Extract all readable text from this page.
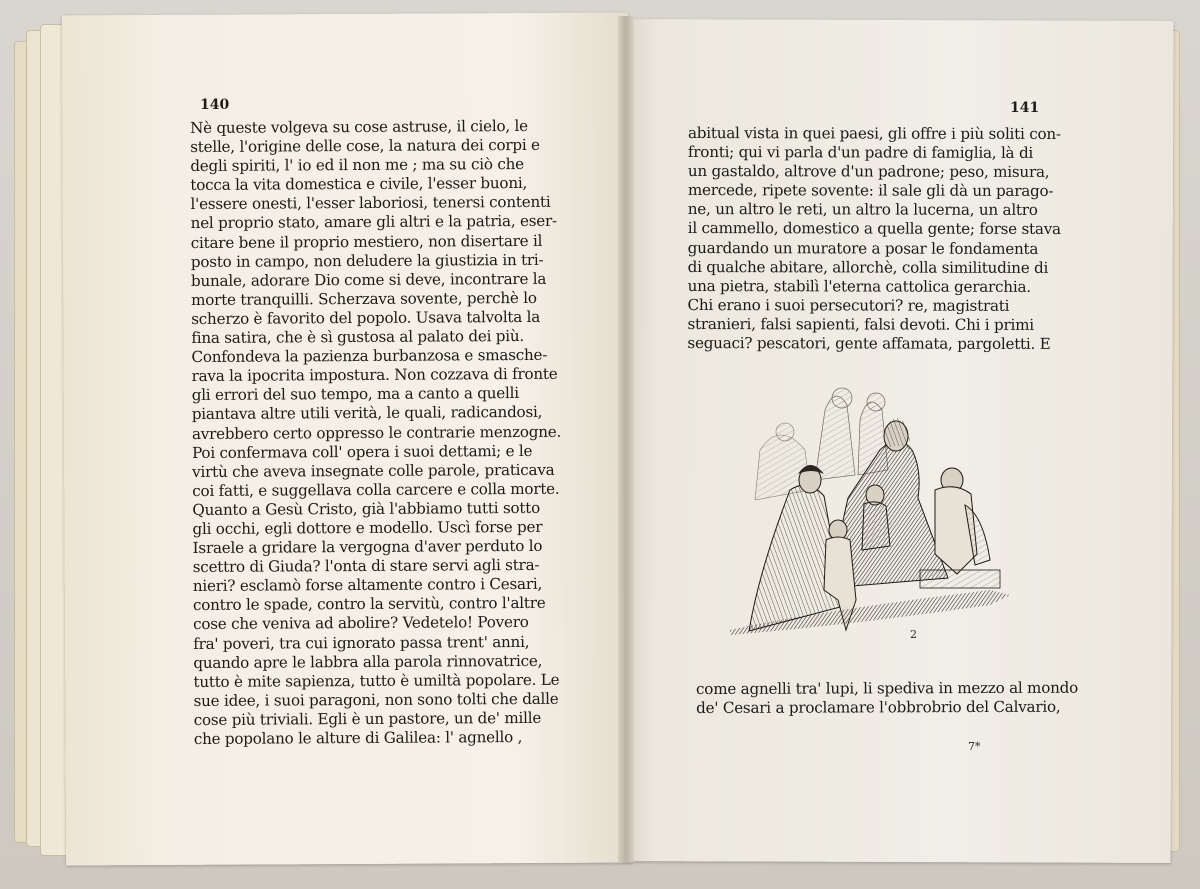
140
Nè queste volgeva su cose astruse, il cielo, le
stelle, l'origine delle cose, la natura dei corpi e
degli spiriti, l' io ed il non me ; ma su ciò che
tocca la vita domestica e civile, l'esser buoni,
l'essere onesti, l'esser laboriosi, tenersi contenti
nel proprio stato, amare gli altri e la patria, eser-
citare bene il proprio mestiero, non disertare il
posto in campo, non deludere la giustizia in tri-
bunale, adorare Dio come si deve, incontrare la
morte tranquilli. Scherzava sovente, perchè lo
scherzo è favorito del popolo. Usava talvolta la
fina satira, che è sì gustosa al palato dei più.
Confondeva la pazienza burbanzosa e smasche-
rava la ipocrita impostura. Non cozzava di fronte
gli errori del suo tempo, ma a canto a quelli
piantava altre utili verità, le quali, radicandosi,
avrebbero certo oppresso le contrarie menzogne.
Poi confermava coll' opera i suoi dettami; e le
virtù che aveva insegnate colle parole, praticava
coi fatti, e suggellava colla carcere e colla morte.
Quanto a Gesù Cristo, già l'abbiamo tutti sotto
gli occhi, egli dottore e modello. Uscì forse per
Israele a gridare la vergogna d'aver perduto lo
scettro di Giuda? l'onta di stare servi agli stra-
nieri? esclamò forse altamente contro i Cesari,
contro le spade, contro la servitù, contro l'altre
cose che veniva ad abolire? Vedetelo! Povero
fra' poveri, tra cui ignorato passa trent' anni,
quando apre le labbra alla parola rinnovatrice,
tutto è mite sapienza, tutto è umiltà popolare. Le
sue idee, i suoi paragoni, non sono tolti che dalle
cose più triviali. Egli è un pastore, un de' mille
che popolano le alture di Galilea: l' agnello ,
141
abitual vista in quei paesi, gli offre i più soliti con-
fronti; qui vi parla d'un padre di famiglia, là di
un gastaldo, altrove d'un padrone; peso, misura,
mercede, ripete sovente: il sale gli dà un parago-
ne, un altro le reti, un altro la lucerna, un altro
il cammello, domestico a quella gente; forse stava
guardando un muratore a posar le fondamenta
di qualche abitare, allorchè, colla similitudine di
una pietra, stabilì l'eterna cattolica gerarchia.
Chi erano i suoi persecutori? re, magistrati
stranieri, falsi sapienti, falsi devoti. Chi i primi
seguaci? pescatori, gente affamata, pargoletti. E
2
come agnelli tra' lupi, li spediva in mezzo al mondo
de' Cesari a proclamare l'obbrobrio del Calvario,
7*
